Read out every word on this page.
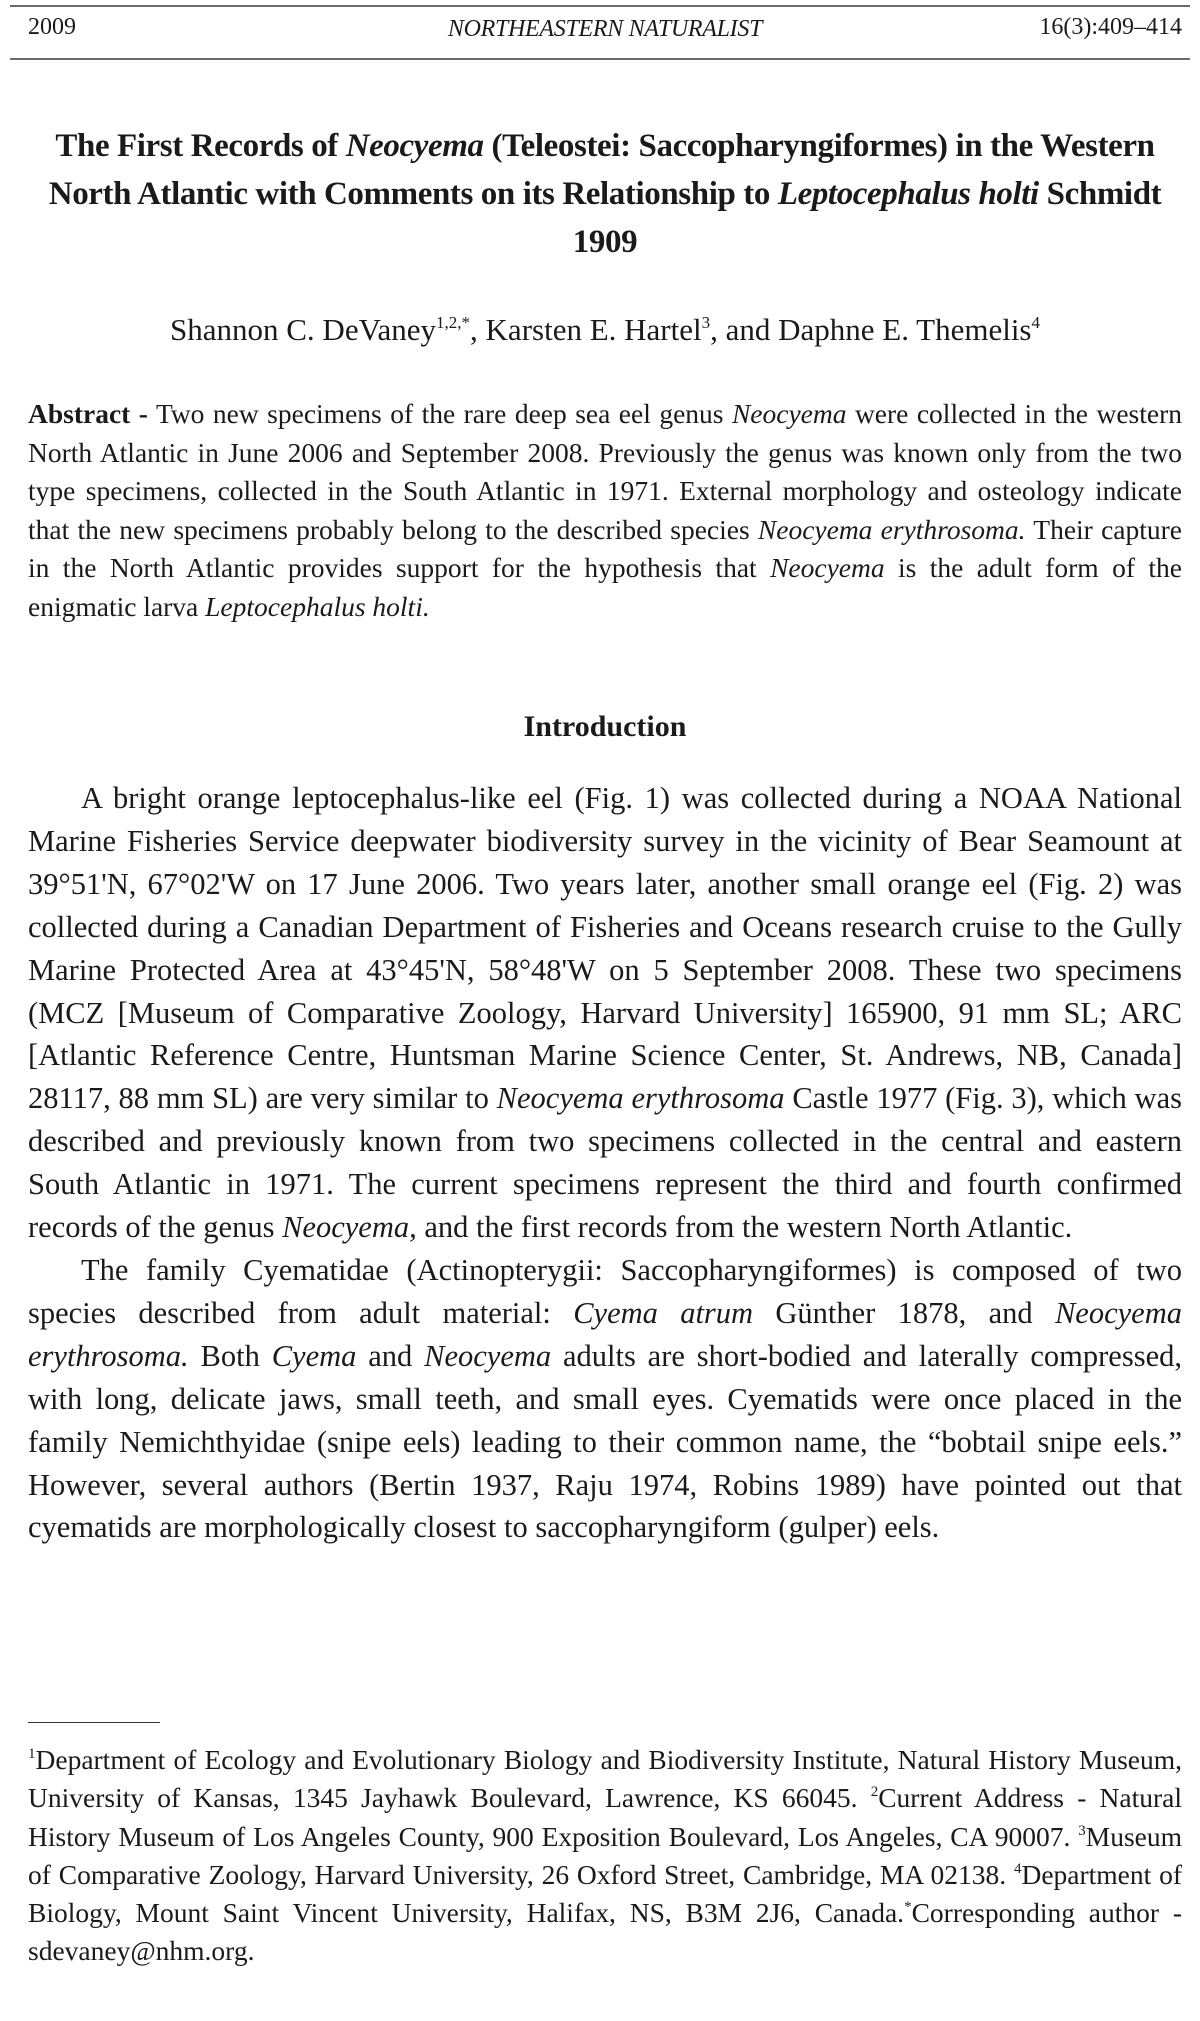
2009	NORTHEASTERN NATURALIST	16(3):409–414
The First Records of Neocyema (Teleostei: Saccopharyngiformes) in the Western North Atlantic with Comments on its Relationship to Leptocephalus holti Schmidt 1909
Shannon C. DeVaney$^{1,2,*}$, Karsten E. Hartel$^3$, and Daphne E. Themelis$^4$
Abstract - Two new specimens of the rare deep sea eel genus Neocyema were collected in the western North Atlantic in June 2006 and September 2008. Previously the genus was known only from the two type specimens, collected in the South Atlantic in 1971. External morphology and osteology indicate that the new specimens probably belong to the described species Neocyema erythrosoma. Their capture in the North Atlantic provides support for the hypothesis that Neocyema is the adult form of the enigmatic larva Leptocephalus holti.
Introduction

A bright orange leptocephalus-like eel (Fig. 1) was collected during a NOAA National Marine Fisheries Service deepwater biodiversity survey in the vicinity of Bear Seamount at 39°51'N, 67°02'W on 17 June 2006. Two years later, another small orange eel (Fig. 2) was collected during a Canadian Department of Fisheries and Oceans research cruise to the Gully Marine Protected Area at 43°45'N, 58°48'W on 5 September 2008. These two specimens (MCZ [Museum of Comparative Zoology, Harvard University] 165900, 91 mm SL; ARC [Atlantic Reference Centre, Huntsman Marine Science Center, St. Andrews, NB, Canada] 28117, 88 mm SL) are very similar to Neocyema erythrosoma Castle 1977 (Fig. 3), which was described and previously known from two specimens collected in the central and eastern South Atlantic in 1971. The current specimens represent the third and fourth confirmed records of the genus Neocyema, and the first records from the western North Atlantic.

The family Cyematidae (Actinopterygii: Saccopharyngiformes) is composed of two species described from adult material: Cyema atrum Günther 1878, and Neocyema erythrosoma. Both Cyema and Neocyema adults are short-bodied and laterally compressed, with long, delicate jaws, small teeth, and small eyes. Cyematids were once placed in the family Nemichthyidae (snipe eels) leading to their common name, the “bobtail snipe eels.” However, several authors (Bertin 1937, Raju 1974, Robins 1989) have pointed out that cyematids are morphologically closest to saccopharyngiform (gulper) eels.

$^1$Department of Ecology and Evolutionary Biology and Biodiversity Institute, Natural History Museum, University of Kansas, 1345 Jayhawk Boulevard, Lawrence, KS 66045. $^2$Current Address - Natural History Museum of Los Angeles County, 900 Exposition Boulevard, Los Angeles, CA 90007. $^3$Museum of Comparative Zoology, Harvard University, 26 Oxford Street, Cambridge, MA 02138. $^4$Department of Biology, Mount Saint Vincent University, Halifax, NS, B3M 2J6, Canada.*Corresponding author - sdevaney@nhm.org.
